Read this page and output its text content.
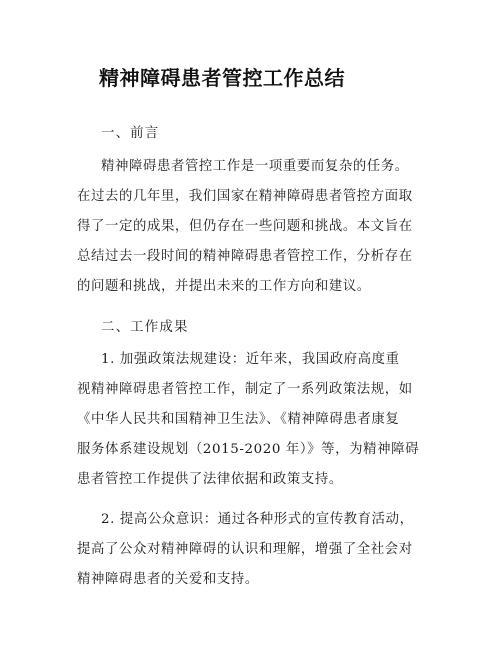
精神障碍患者管控工作总结
一、前言
精神障碍患者管控工作是一项重要而复杂的任务。
在过去的几年里，我们国家在精神障碍患者管控方面取
得了一定的成果，但仍存在一些问题和挑战。本文旨在
总结过去一段时间的精神障碍患者管控工作，分析存在
的问题和挑战，并提出未来的工作方向和建议。
二、工作成果
1. 加强政策法规建设：近年来，我国政府高度重
视精神障碍患者管控工作，制定了一系列政策法规，如
《中华人民共和国精神卫生法》、《精神障碍患者康复
服务体系建设规划（2015-2020 年）》等，为精神障碍
患者管控工作提供了法律依据和政策支持。
2. 提高公众意识：通过各种形式的宣传教育活动，
提高了公众对精神障碍的认识和理解，增强了全社会对
精神障碍患者的关爱和支持。
